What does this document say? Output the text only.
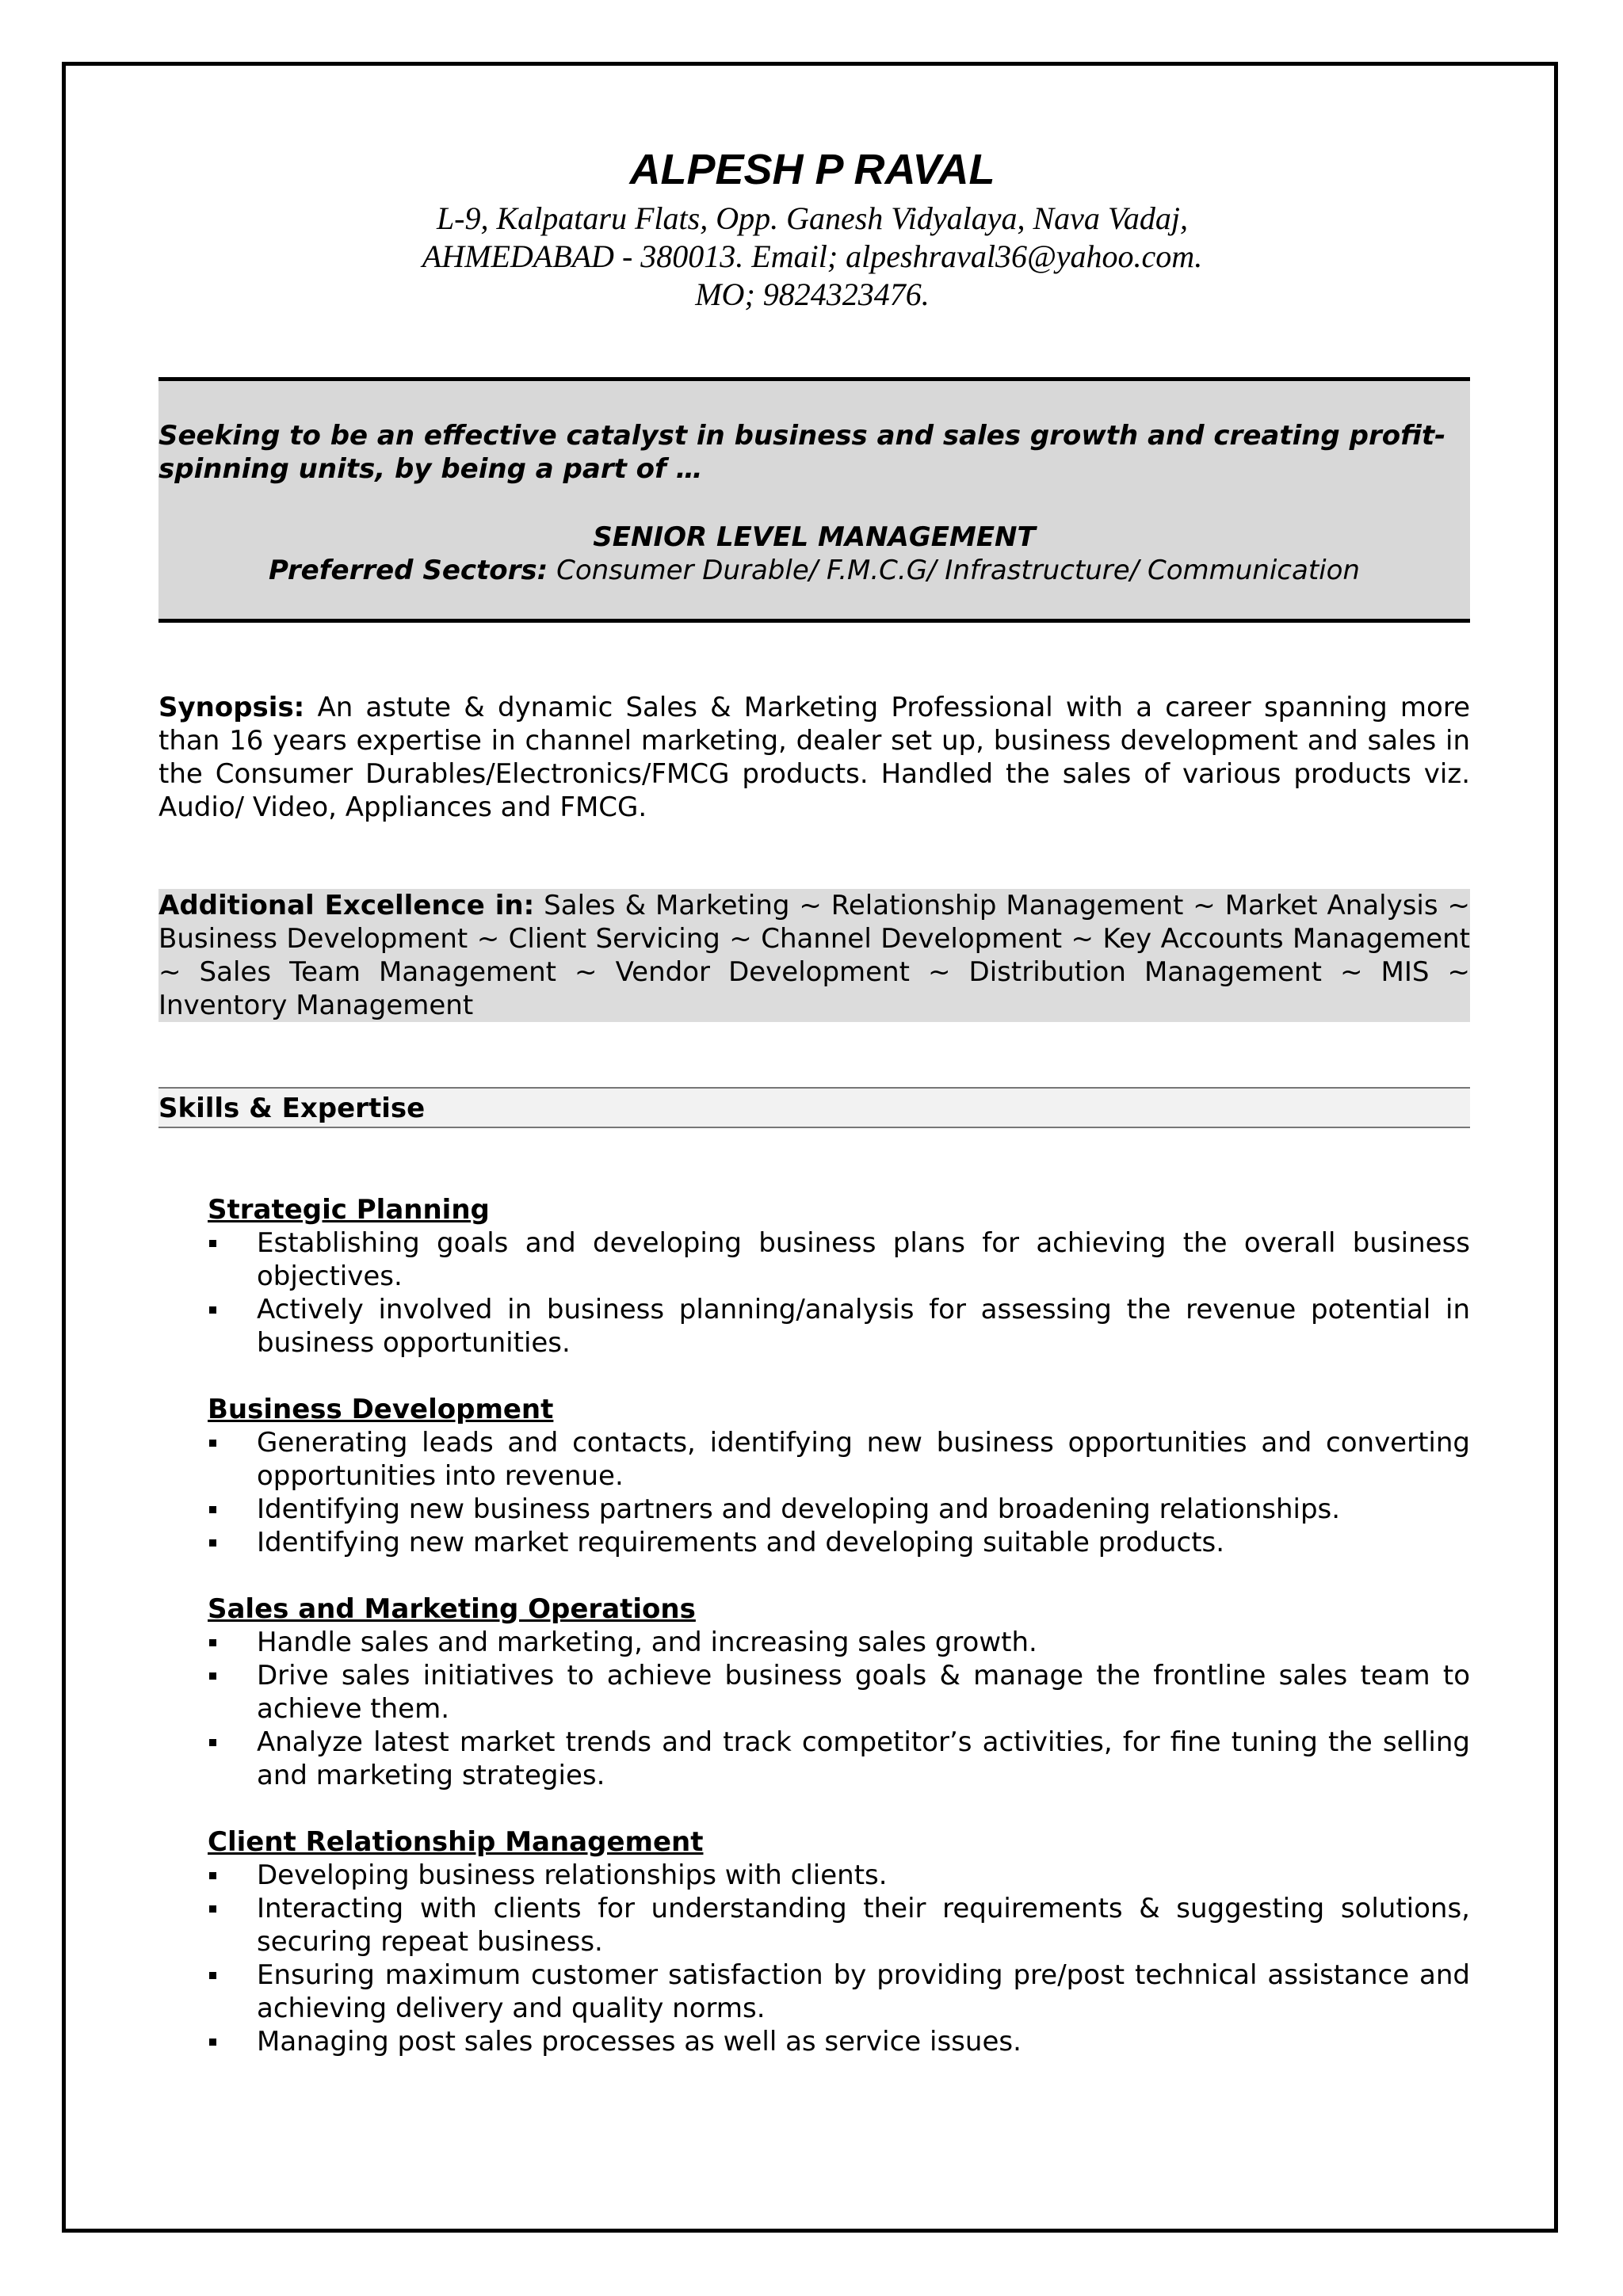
ALPESH P RAVAL
L-9, Kalpataru Flats, Opp. Ganesh Vidyalaya, Nava Vadaj,
AHMEDABAD - 380013. Email; alpeshraval36@yahoo.com.
MO; 9824323476.
Seeking to be an effective catalyst in business and sales growth and creating profit-spinning units, by being a part of …
SENIOR LEVEL MANAGEMENT
Preferred Sectors: Consumer Durable/ F.M.C.G/ Infrastructure/ Communication
Synopsis: An astute & dynamic Sales & Marketing Professional with a career spanning more than 16 years expertise in channel marketing, dealer set up, business development and sales in the Consumer Durables/Electronics/FMCG products. Handled the sales of various products viz. Audio/ Video, Appliances and FMCG.
Additional Excellence in: Sales & Marketing ~ Relationship Management ~ Market Analysis ~ Business Development ~ Client Servicing ~ Channel Development ~ Key Accounts Management ~ Sales Team Management ~ Vendor Development ~ Distribution Management ~ MIS ~ Inventory Management
Skills & Expertise
Strategic Planning
Establishing goals and developing business plans for achieving the overall business objectives.
Actively involved in business planning/analysis for assessing the revenue potential in business opportunities.
Business Development
Generating leads and contacts, identifying new business opportunities and converting opportunities into revenue.
Identifying new business partners and developing and broadening relationships.
Identifying new market requirements and developing suitable products.
Sales and Marketing Operations
Handle sales and marketing, and increasing sales growth.
Drive sales initiatives to achieve business goals & manage the frontline sales team to achieve them.
Analyze latest market trends and track competitor’s activities, for fine tuning the selling and marketing strategies.
Client Relationship Management
Developing business relationships with clients.
Interacting with clients for understanding their requirements & suggesting solutions, securing repeat business.
Ensuring maximum customer satisfaction by providing pre/post technical assistance and achieving delivery and quality norms.
Managing post sales processes as well as service issues.
